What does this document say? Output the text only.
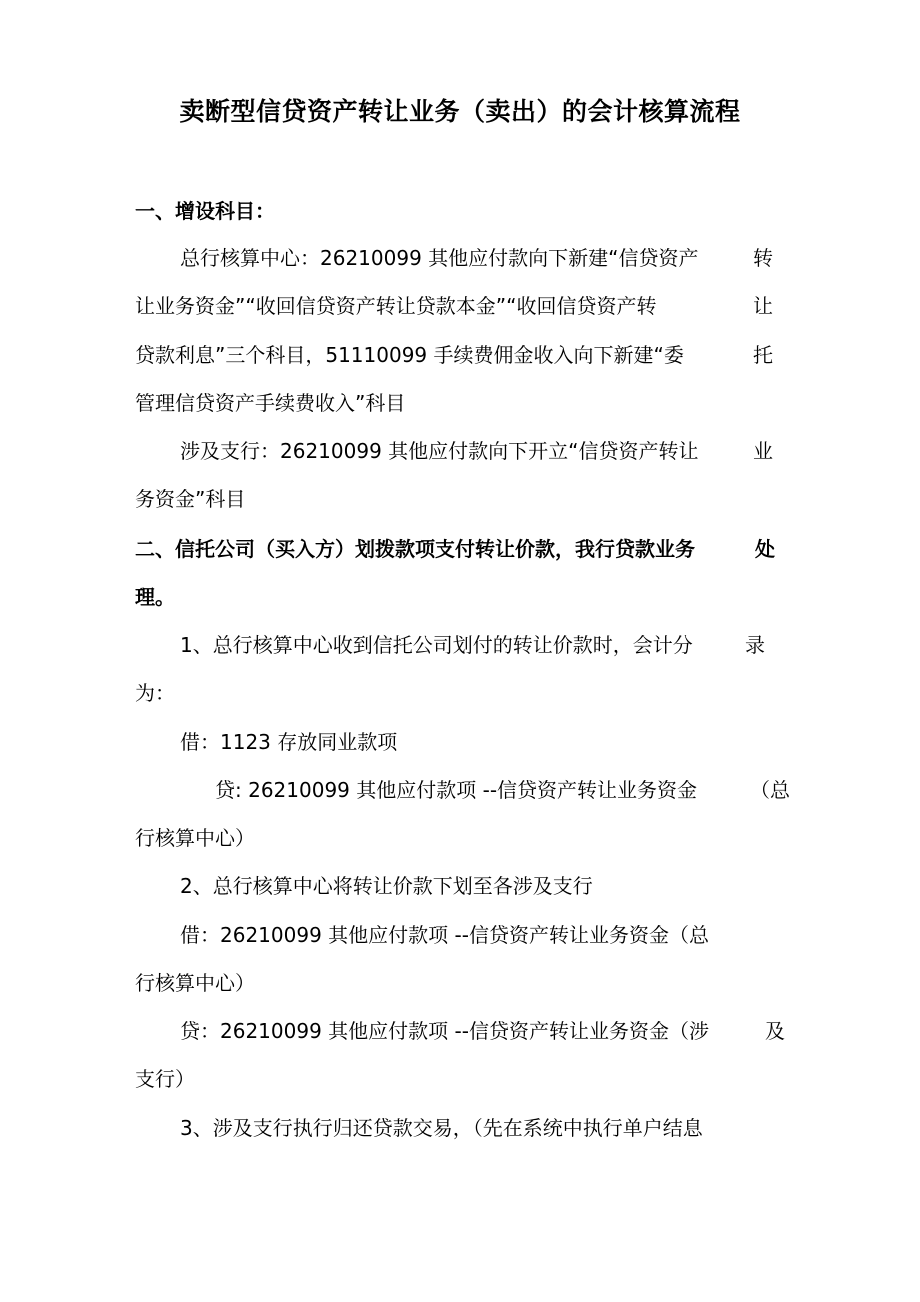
卖断型信贷资产转让业务（卖出）的会计核算流程

一、增设科目：

总行核算中心：26210099 其他应付款向下新建“信贷资产	转

让业务资金”“收回信贷资产转让贷款本金”“收回信贷资产转	让

贷款利息”三个科目，51110099 手续费佣金收入向下新建“委	托

管理信贷资产手续费收入”科目

涉及支行：26210099 其他应付款向下开立“信贷资产转让	业

务资金”科目

二、信托公司（买入方）划拨款项支付转让价款，我行贷款业务	处

理。

1、总行核算中心收到信托公司划付的转让价款时，会计分	录

为：

借：1123 存放同业款项

贷: 26210099 其他应付款项 --信贷资产转让业务资金	（总

行核算中心）

2、总行核算中心将转让价款下划至各涉及支行

借：26210099 其他应付款项 --信贷资产转让业务资金（总

行核算中心）

贷：26210099 其他应付款项 --信贷资产转让业务资金（涉	及

支行）

3、涉及支行执行归还贷款交易，（先在系统中执行单户结息
